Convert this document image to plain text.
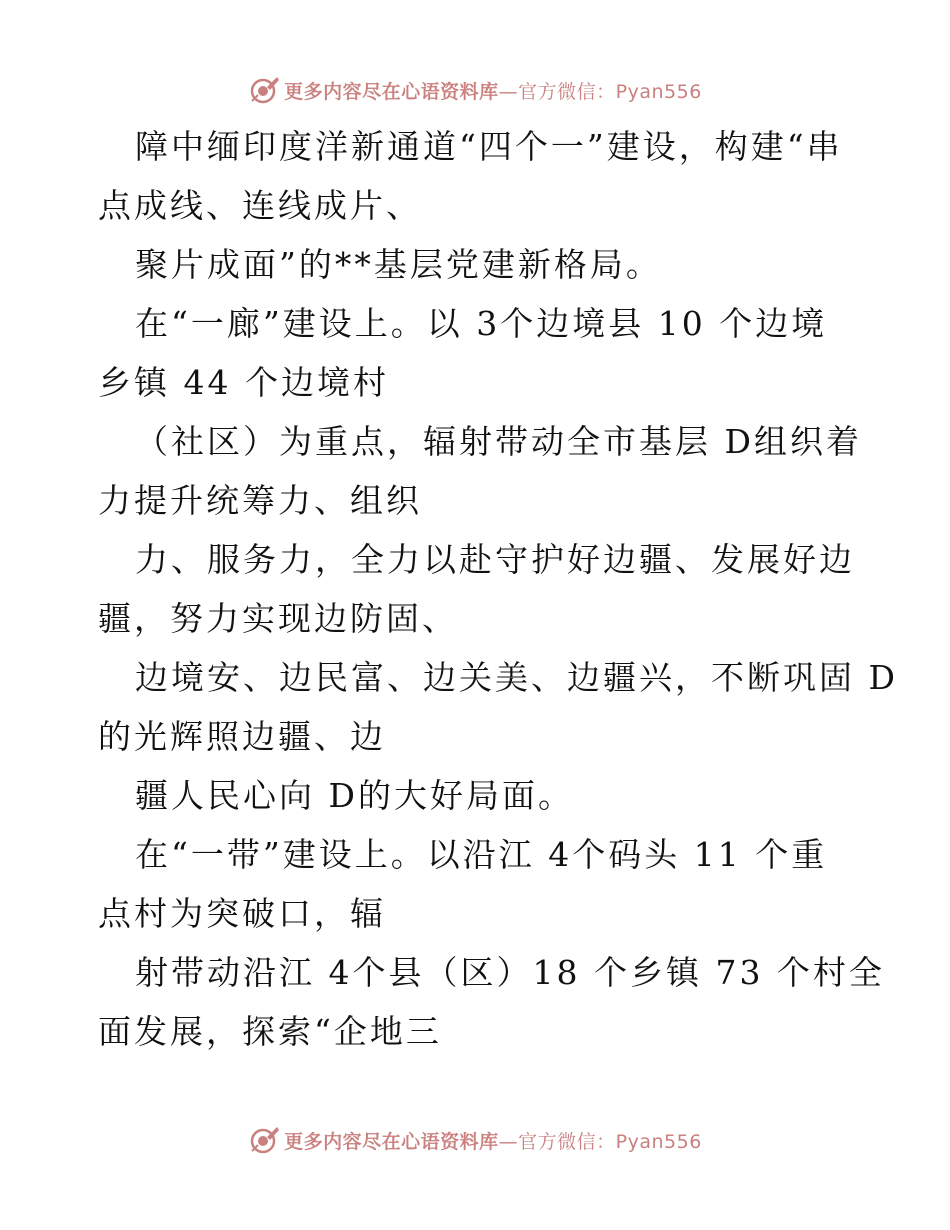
更多内容尽在心语资料库—官方微信：Pyan556
障中缅印度洋新通道“四个一”建设，构建“串
点成线、连线成片、
聚片成面”的**基层党建新格局。
在“一廊”建设上。以 3个边境县 10 个边境
乡镇 44 个边境村
（社区）为重点，辐射带动全市基层 D组织着
力提升统筹力、组织
力、服务力，全力以赴守护好边疆、发展好边
疆，努力实现边防固、
边境安、边民富、边关美、边疆兴，不断巩固 D
的光辉照边疆、边
疆人民心向 D的大好局面。
在“一带”建设上。以沿江 4个码头 11 个重
点村为突破口，辐
射带动沿江 4个县（区）18 个乡镇 73 个村全
面发展，探索“企地三
更多内容尽在心语资料库—官方微信：Pyan556
